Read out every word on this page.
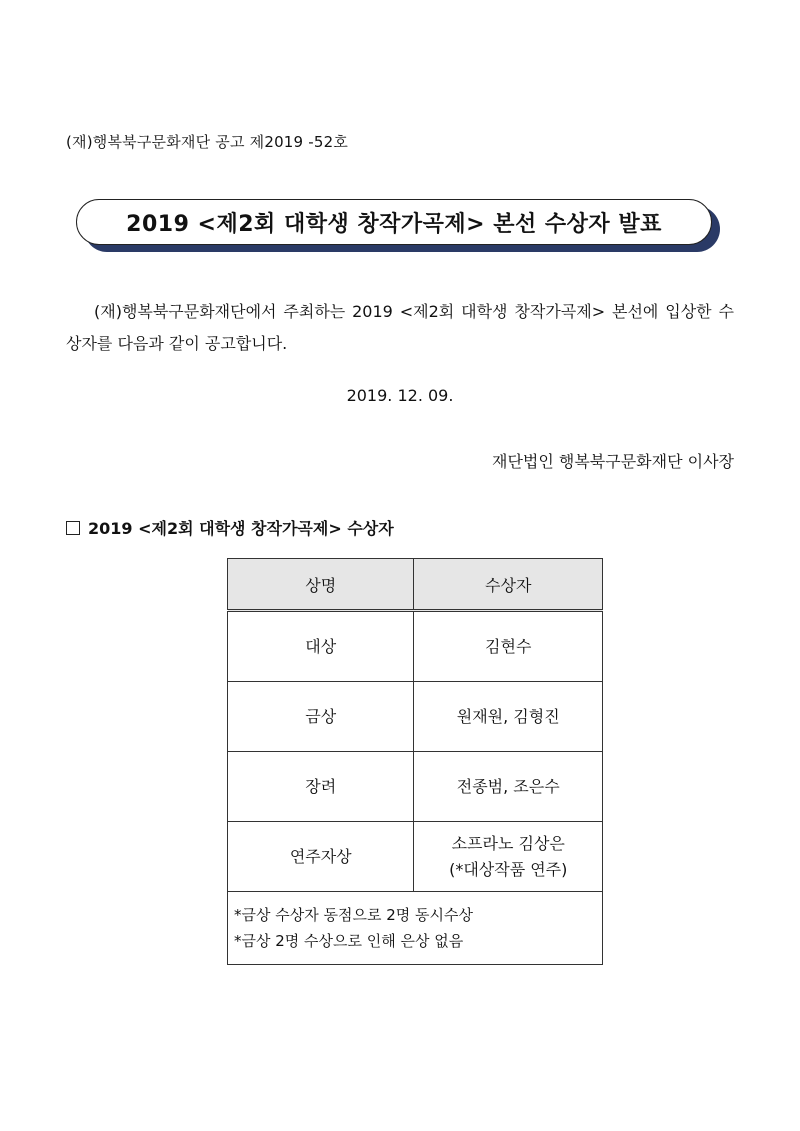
(재)행복북구문화재단 공고 제2019 -52호
2019 <제2회 대학생 창작가곡제> 본선 수상자 발표
(재)행복북구문화재단에서 주최하는 2019 <제2회 대학생 창작가곡제> 본선에 입상한 수상자를 다음과 같이 공고합니다.
2019. 12. 09.
재단법인 행복북구문화재단 이사장
2019 <제2회 대학생 창작가곡제> 수상자
상명	수상자
대상	김현수

금상	원재원, 김형진

장려	전종범, 조은수

연주자상	소프라노 김상은
(*대상작품 연주)

*금상 수상자 동점으로 2명 동시수상
*금상 2명 수상으로 인해 은상 없음	
